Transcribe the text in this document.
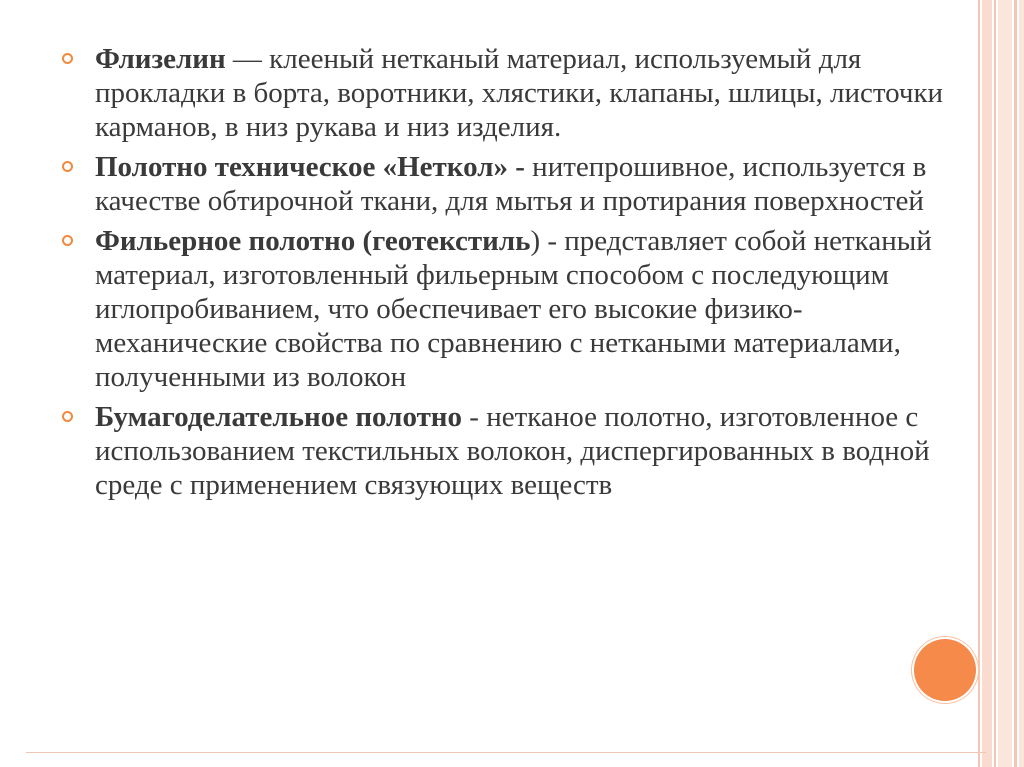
Флизелин — клееный нетканый материал, используемый для прокладки в борта, воротники, хлястики, клапаны, шлицы, листочки карманов, в низ рукава и низ изделия.
Полотно техническое «Неткол» - нитепрошивное, используется в качестве обтирочной ткани, для мытья и протирания поверхностей
Фильерное полотно (геотекстиль) - представляет собой нетканый материал, изготовленный фильерным способом с последующим иглопробиванием, что обеспечивает его высокие физико-механические свойства по сравнению с неткаными материалами, полученными из волокон
Бумагоделательное полотно - нетканое полотно, изготовленное с использованием текстильных волокон, диспергированных в водной среде с применением связующих веществ
